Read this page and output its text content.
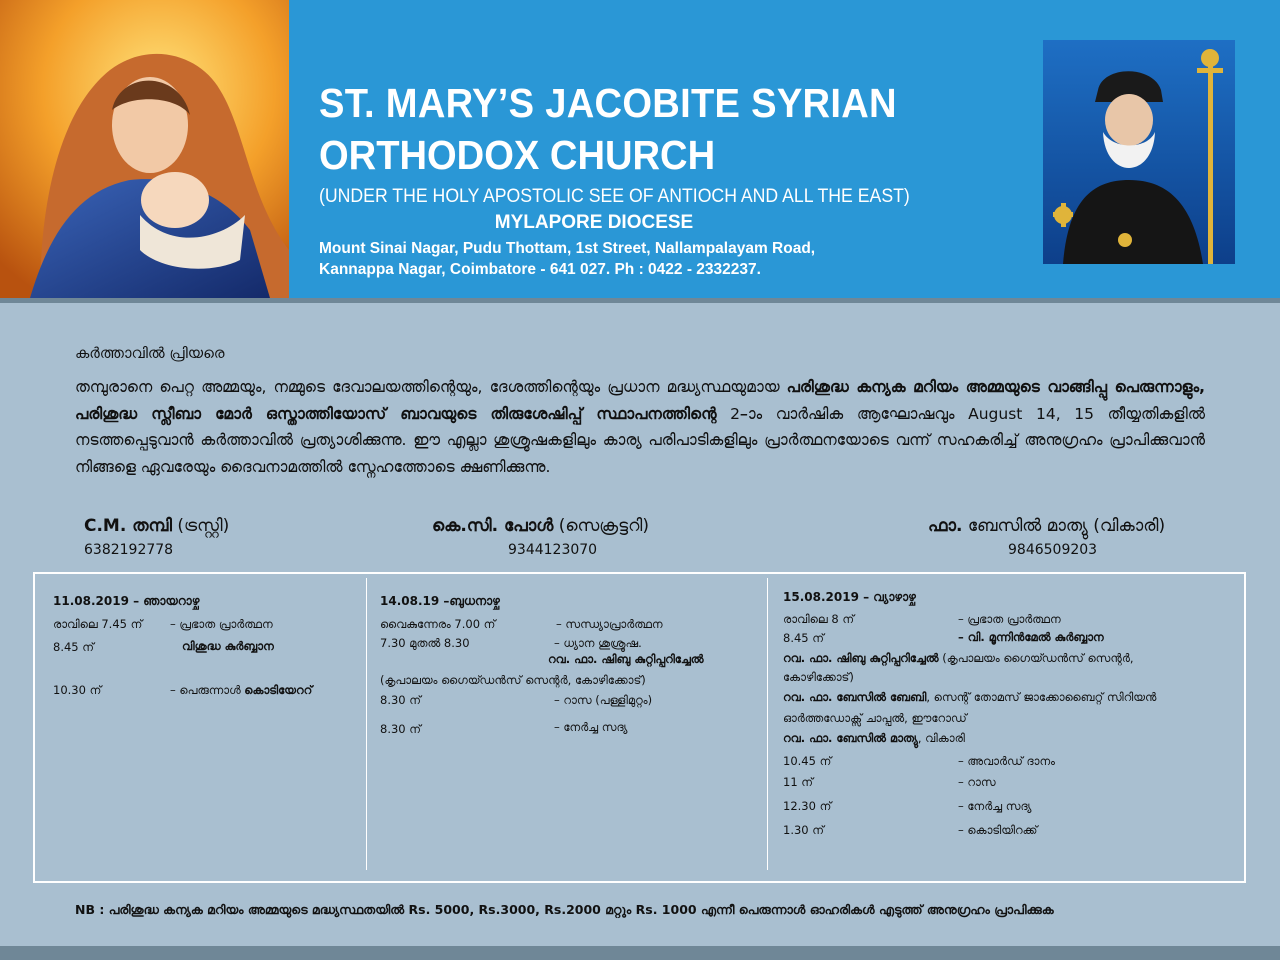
ST. MARY’S JACOBITE SYRIAN
ORTHODOX CHURCH
(UNDER THE HOLY APOSTOLIC SEE OF ANTIOCH AND ALL THE EAST)
MYLAPORE DIOCESE
Mount Sinai Nagar, Pudu Thottam, 1st Street, Nallampalayam Road,
Kannappa Nagar, Coimbatore - 641 027. Ph : 0422 - 2332237.
കർത്താവിൽ പ്രിയരെ
തമ്പുരാനെ പെറ്റ അമ്മയും, നമ്മുടെ ദേവാലയത്തിന്റെയും, ദേശത്തിന്റെയും പ്രധാന മദ്ധ്യസ്ഥയുമായ പരിശുദ്ധ കന്യക മറിയം അമ്മയുടെ വാങ്ങിപ്പു പെരുന്നാളും, പരിശുദ്ധ സ്ലീബാ മോർ ഒസ്താത്തിയോസ് ബാവയുടെ തിരുശേഷിപ്പ് സ്ഥാപനത്തിന്റെ 2–ാം വാർഷിക ആഘോഷവും August 14, 15 തീയ്യതികളിൽ നടത്തപ്പെടുവാൻ കർത്താവിൽ പ്രത്യാശിക്കുന്നു. ഈ എല്ലാ ശുശ്രൂഷകളിലും കാര്യ പരിപാടികളിലും പ്രാർത്ഥനയോടെ വന്ന് സഹകരിച്ച് അനുഗ്രഹം പ്രാപിക്കുവാൻ നിങ്ങളെ ഏവരേയും ദൈവനാമത്തിൽ സ്നേഹത്തോടെ ക്ഷണിക്കുന്നു.
C.M. തമ്പി (ട്രസ്റ്റി)
6382192778
കെ.സി. പോൾ (സെക്രട്ടറി)
9344123070
ഫാ. ബേസിൽ മാത്യു (വികാരി)
9846509203
11.08.2019 – ഞായറാഴ്ച
രാവിലെ 7.45 ന് – പ്രഭാത പ്രാർത്ഥന
8.45 ന്	വിശുദ്ധ കുർബ്ബാന
10.30 ന്	– പെരുന്നാൾ കൊടിയേററ്
14.08.19 –ബുധനാഴ്ച
വൈകുന്നേരം 7.00 ന്	– സന്ധ്യാപ്രാർത്ഥന
7.30 മുതൽ 8.30	– ധ്യാന ശുശ്രൂഷ.
റവ. ഫാ. ഷിബു കുറ്റിപ്പറിച്ചേൽ
(കൃപാലയം ഗൈയ്ഡൻസ് സെന്റർ, കോഴിക്കോട്)
8.30 ന്	– റാസ (പള്ളിമുറ്റം)
8.30 ന്	– നേർച്ച സദ്യ
15.08.2019 – വ്യാഴാഴ്ച
രാവിലെ 8 ന്	– പ്രഭാത പ്രാർത്ഥന
8.45 ന്	– വി. മൂന്നിൻമേൽ കുർബ്ബാന
റവ. ഫാ. ഷിബു കുറ്റിപ്പറിച്ചേൽ (കൃപാലയം ഗൈയ്ഡൻസ് സെന്റർ,
കോഴിക്കോട്)
റവ. ഫാ. ബേസിൽ ബേബി, സെന്റ് തോമസ് ജാക്കോബൈറ്റ് സിറിയൻ
ഓർത്തഡോക്സ് ചാപ്പൽ, ഈറോഡ്
റവ. ഫാ. ബേസിൽ മാത്യു, വികാരി
10.45 ന്	– അവാർഡ് ദാനം
11 ന്	– റാസ
12.30 ന്	– നേർച്ച സദ്യ
1.30 ന്	– കൊടിയിറക്ക്
NB : പരിശുദ്ധ കന്യക മറിയം അമ്മയുടെ മദ്ധ്യസ്ഥതയിൽ Rs. 5000, Rs.3000, Rs.2000 മറ്റും Rs. 1000 എന്നീ പെരുന്നാൾ ഓഹരികൾ എടുത്ത് അനുഗ്രഹം പ്രാപിക്കുക
